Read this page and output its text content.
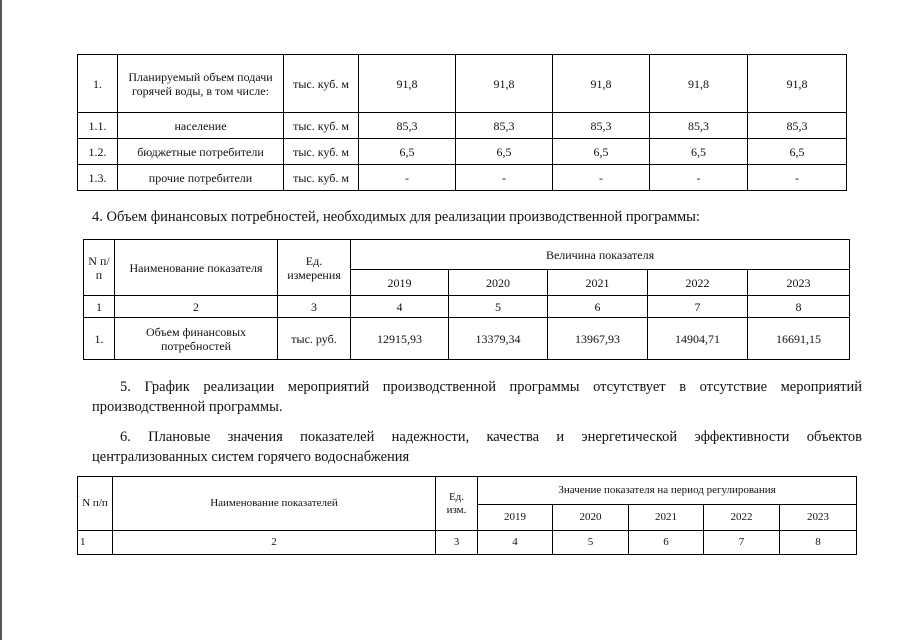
1.	Планируемый объем подачи горячей воды, в том числе:	тыс. куб. м	91,8	91,8	91,8	91,8	91,8
1.1.	население	тыс. куб. м	85,3	85,3	85,3	85,3	85,3
1.2.	бюджетные потребители	тыс. куб. м	6,5	6,5	6,5	6,5	6,5
1.3.	прочие потребители	тыс. куб. м	-	-	-	-	-
4. Объем финансовых потребностей, необходимых для реализации производственной программы:
N п/п	Наименование показателя	Ед. измерения	Величина показателя				
			2019	2020	2021	2022	2023
1	2	3	4	5	6	7	8
1.	Объем финансовых потребностей	тыс. руб.	12915,93	13379,34	13967,93	14904,71	16691,15
5. График реализации мероприятий производственной программы отсутствует в отсутствие мероприятий
производственной программы.
6. Плановые значения показателей надежности, качества и энергетической эффективности объектов
централизованных систем горячего водоснабжения
· N п/п	Наименование показателей	Ед. изм.	Значение показателя на период регулирования				
			2019	2020	2021	2022	2023
1	2	3	4	5	6	7	8
